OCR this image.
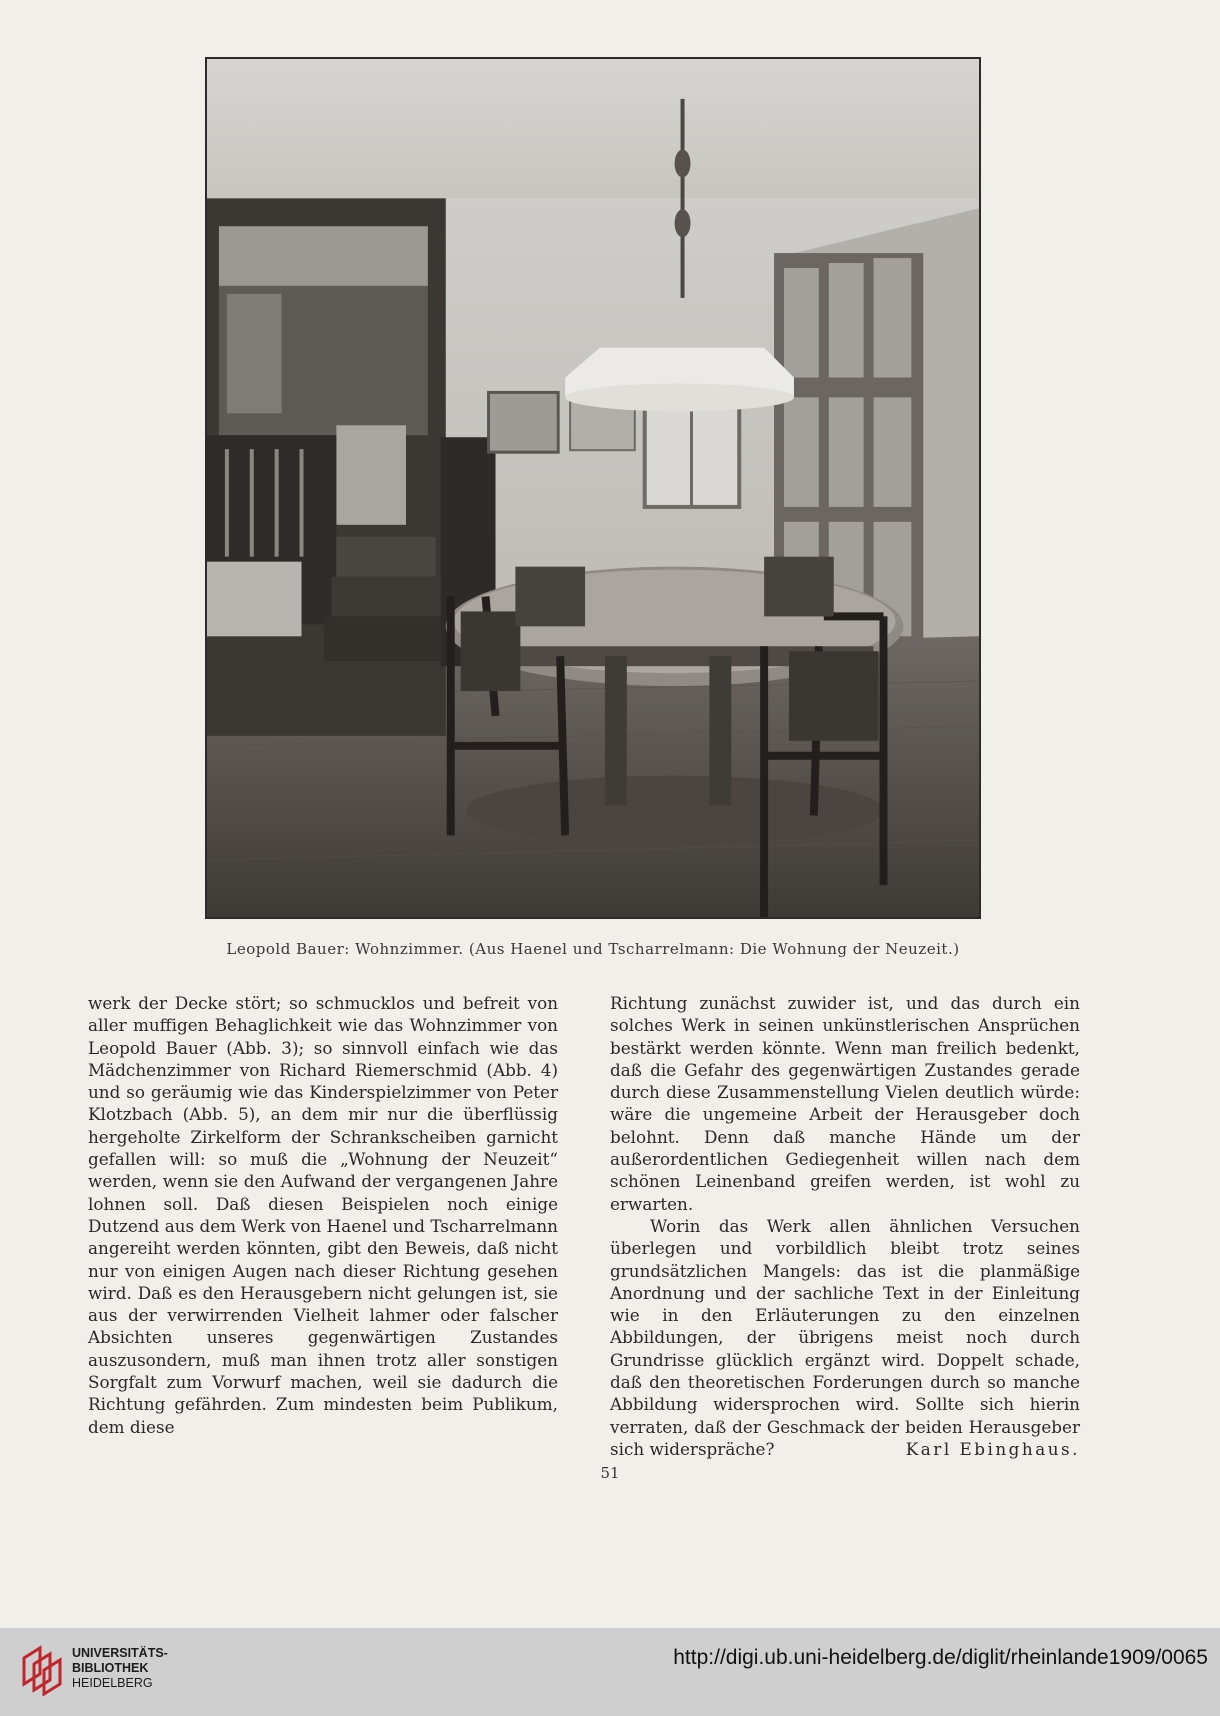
Leopold Bauer: Wohnzimmer. (Aus Haenel und Tscharrelmann: Die Wohnung der Neuzeit.)

werk der Decke stört; so schmucklos und befreit von aller muffigen Behaglichkeit wie das Wohnzimmer von Leopold Bauer (Abb. 3); so sinnvoll einfach wie das Mädchenzimmer von Richard Riemerschmid (Abb. 4) und so geräumig wie das Kinderspielzimmer von Peter Klotzbach (Abb. 5), an dem mir nur die überflüssig hergeholte Zirkelform der Schrankscheiben garnicht gefallen will: so muß die „Wohnung der Neuzeit“ werden, wenn sie den Aufwand der vergangenen Jahre lohnen soll. Daß diesen Beispielen noch einige Dutzend aus dem Werk von Haenel und Tscharrelmann angereiht werden könnten, gibt den Beweis, daß nicht nur von einigen Augen nach dieser Richtung gesehen wird. Daß es den Herausgebern nicht gelungen ist, sie aus der verwirrenden Vielheit lahmer oder falscher Absichten unseres gegenwärtigen Zustandes auszusondern, muß man ihnen trotz aller sonstigen Sorgfalt zum Vorwurf machen, weil sie dadurch die Richtung gefährden. Zum mindesten beim Publikum, dem diese

Richtung zunächst zuwider ist, und das durch ein solches Werk in seinen unkünstlerischen Ansprüchen bestärkt werden könnte. Wenn man freilich bedenkt, daß die Gefahr des gegenwärtigen Zustandes gerade durch diese Zusammenstellung Vielen deutlich würde: wäre die ungemeine Arbeit der Herausgeber doch belohnt. Denn daß manche Hände um der außerordentlichen Gediegenheit willen nach dem schönen Leinenband greifen werden, ist wohl zu erwarten.

Worin das Werk allen ähnlichen Versuchen überlegen und vorbildlich bleibt trotz seines grundsätzlichen Mangels: das ist die planmäßige Anordnung und der sachliche Text in der Einleitung wie in den Erläuterungen zu den einzelnen Abbildungen, der übrigens meist noch durch Grundrisse glücklich ergänzt wird. Doppelt schade, daß den theoretischen Forderungen durch so manche Abbildung widersprochen wird. Sollte sich hierin verraten, daß der Geschmack der beiden Herausgeber sich widerspräche?	Karl Ebinghaus.

51
UNIVERSITÄTS-
BIBLIOTHEK
HEIDELBERG
http://digi.ub.uni-heidelberg.de/diglit/rheinlande1909/0065
